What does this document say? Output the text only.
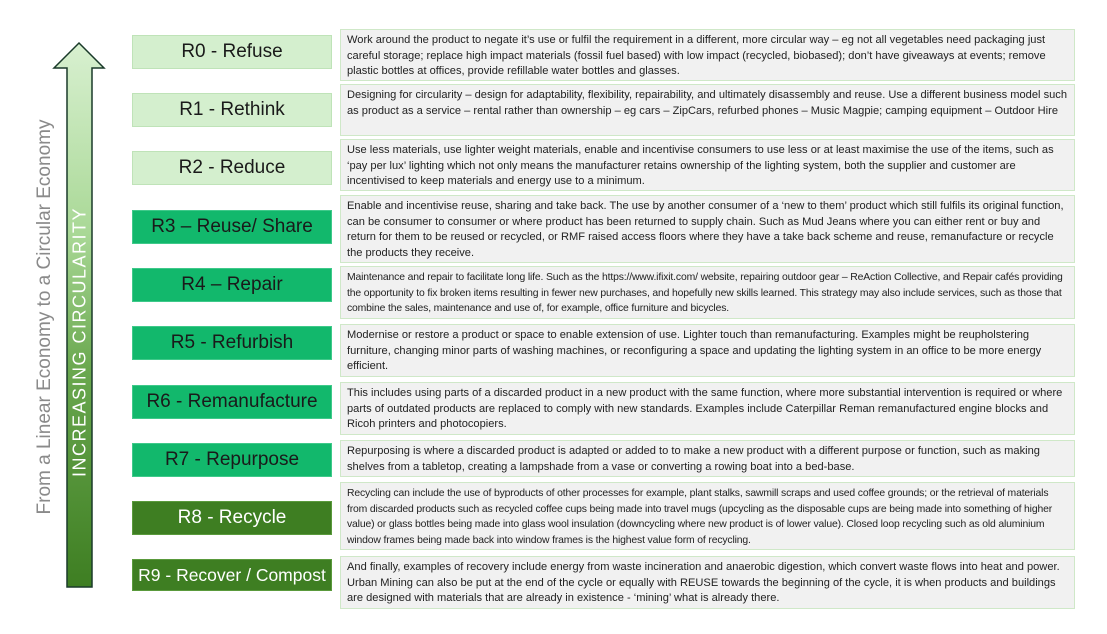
From a Linear Economy to a Circular Economy INCREASING CIRCULARITY
R0 - Refuse
R1 - Rethink
R2 - Reduce
R3 – Reuse/ Share
R4 – Repair
R5 - Refurbish
R6 - Remanufacture
R7 - Repurpose
R8 - Recycle
R9 - Recover / Compost
Work around the product to negate it’s use or fulfil the requirement in a different, more circular way – eg not all vegetables need packaging just careful storage; replace high impact materials (fossil fuel based) with low impact (recycled, biobased); don’t have giveaways at events; remove plastic bottles at offices, provide refillable water bottles and glasses.
Designing for circularity – design for adaptability, flexibility, repairability, and ultimately disassembly and reuse. Use a different business model such as product as a service – rental rather than ownership – eg cars – ZipCars, refurbed phones – Music Magpie; camping equipment – Outdoor Hire
Use less materials, use lighter weight materials, enable and incentivise consumers to use less or at least maximise the use of the items, such as ‘pay per lux’ lighting which not only means the manufacturer retains ownership of the lighting system, both the supplier and customer are incentivised to keep materials and energy use to a minimum.
Enable and incentivise reuse, sharing and take back. The use by another consumer of a ‘new to them’ product which still fulfils its original function, can be consumer to consumer or where product has been returned to supply chain. Such as Mud Jeans where you can either rent or buy and return for them to be reused or recycled, or RMF raised access floors where they have a take back scheme and reuse, remanufacture or recycle the products they receive.
Maintenance and repair to facilitate long life. Such as the https://www.ifixit.com/ website, repairing outdoor gear – ReAction Collective, and Repair cafés providing the opportunity to fix broken items resulting in fewer new purchases, and hopefully new skills learned. This strategy may also include services, such as those that combine the sales, maintenance and use of, for example, office furniture and bicycles.
Modernise or restore a product or space to enable extension of use. Lighter touch than remanufacturing. Examples might be reupholstering furniture, changing minor parts of washing machines, or reconfiguring a space and updating the lighting system in an office to be more energy efficient.
This includes using parts of a discarded product in a new product with the same function, where more substantial intervention is required or where parts of outdated products are replaced to comply with new standards. Examples include Caterpillar Reman remanufactured engine blocks and Ricoh printers and photocopiers.
Repurposing is where a discarded product is adapted or added to to make a new product with a different purpose or function, such as making shelves from a tabletop, creating a lampshade from a vase or converting a rowing boat into a bed-base.
Recycling can include the use of byproducts of other processes for example, plant stalks, sawmill scraps and used coffee grounds; or the retrieval of materials from discarded products such as recycled coffee cups being made into travel mugs (upcycling as the disposable cups are being made into something of higher value) or glass bottles being made into glass wool insulation (downcycling where new product is of lower value). Closed loop recycling such as old aluminium window frames being made back into window frames is the highest value form of recycling.
And finally, examples of recovery include energy from waste incineration and anaerobic digestion, which convert waste flows into heat and power. Urban Mining can also be put at the end of the cycle or equally with REUSE towards the beginning of the cycle, it is when products and buildings are designed with materials that are already in existence - ‘mining’ what is already there.
